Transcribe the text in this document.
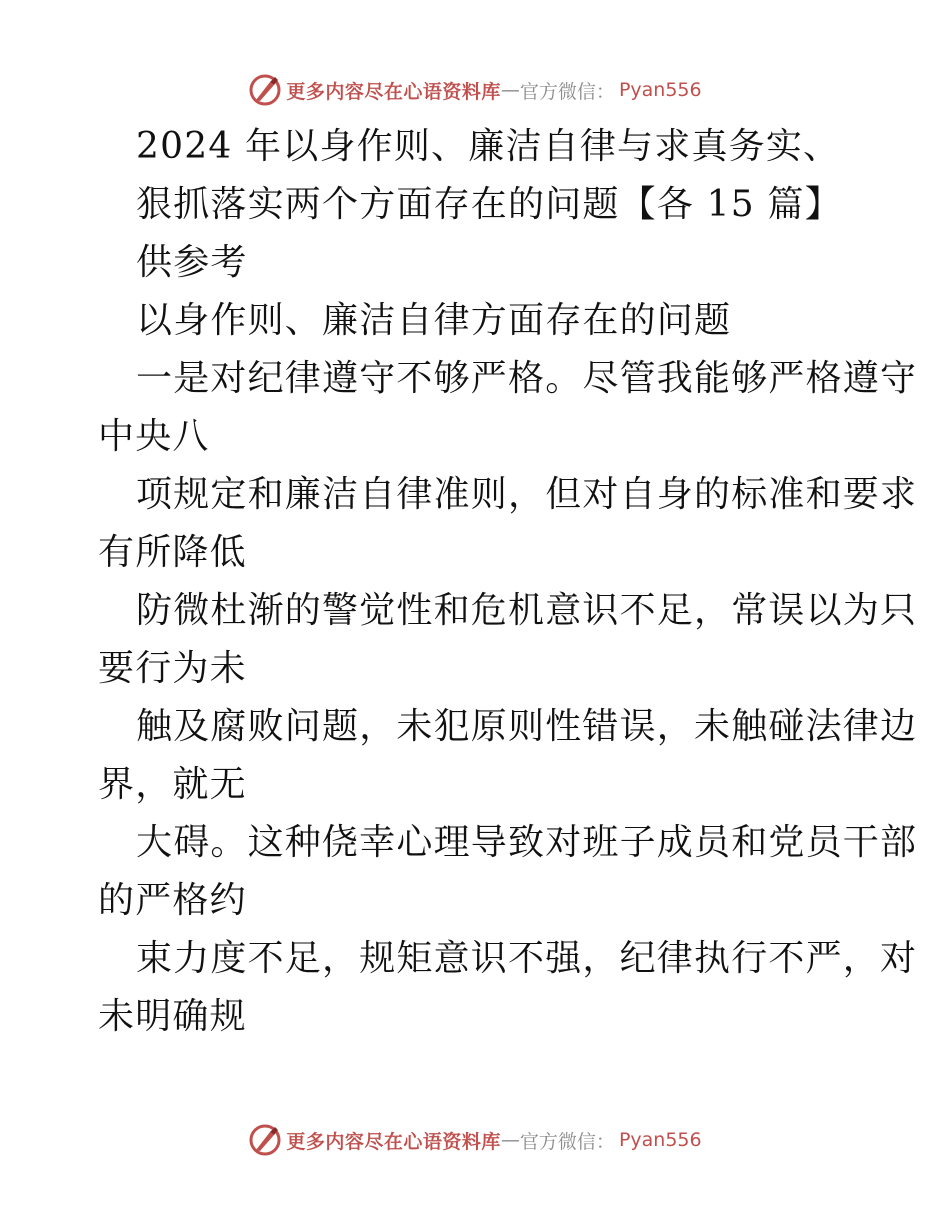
更多内容尽在心语资料库 — 官方微信： Pyan556
2024 年以身作则、廉洁自律与求真务实、
狠抓落实两个方面存在的问题【各 15 篇】
供参考
以身作则、廉洁自律方面存在的问题
一是对纪律遵守不够严格。尽管我能够严格遵守
中央八
项规定和廉洁自律准则，但对自身的标准和要求
有所降低
防微杜渐的警觉性和危机意识不足，常误以为只
要行为未
触及腐败问题，未犯原则性错误，未触碰法律边
界，就无
大碍。这种侥幸心理导致对班子成员和党员干部
的严格约
束力度不足，规矩意识不强，纪律执行不严，对
未明确规
更多内容尽在心语资料库 — 官方微信： Pyan556
